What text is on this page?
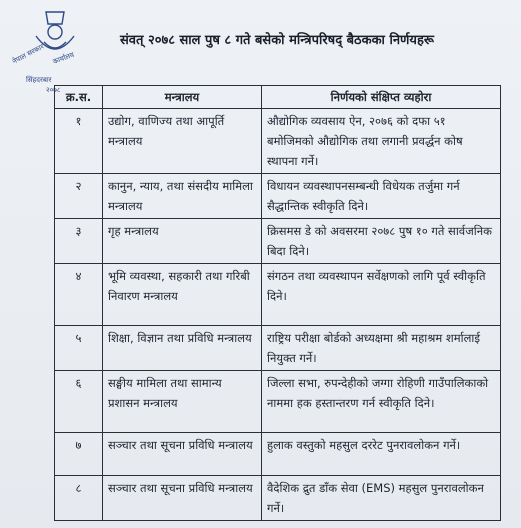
नेपाल सरकार कार्यालय
सिंहदरबार
२०७८
संवत् २०७८ साल पुष ८ गते बसेको मन्त्रिपरिषद् बैठकका निर्णयहरू
क्र.स.	मन्त्रालय	निर्णयको संक्षिप्त व्यहोरा
१	उद्योग, वाणिज्य तथा आपूर्ति मन्त्रालय	औद्योगिक व्यवसाय ऐन, २०७६ को दफा ५१ बमोजिमको औद्योगिक तथा लगानी प्रवर्द्धन कोष स्थापना गर्ने।
२	कानुन, न्याय, तथा संसदीय मामिला मन्त्रालय	विधायन व्यवस्थापनसम्बन्धी विधेयक तर्जुमा गर्न सैद्धान्तिक स्वीकृति दिने।
३	गृह मन्त्रालय	क्रिसमस डे को अवसरमा २०७८ पुष १० गते सार्वजनिक बिदा दिने।
४	भूमि व्यवस्था, सहकारी तथा गरिबी निवारण मन्त्रालय	संगठन तथा व्यवस्थापन सर्वेक्षणको लागि पूर्व स्वीकृति दिने।
५	शिक्षा, विज्ञान तथा प्रविधि मन्त्रालय	राष्ट्रिय परीक्षा बोर्डको अध्यक्षमा श्री महाश्रम शर्मालाई नियुक्त गर्ने।
६	सङ्घीय मामिला तथा सामान्य प्रशासन मन्त्रालय	जिल्ला सभा, रुपन्देहीको जग्गा रोहिणी गाउँपालिकाको नाममा हक हस्तान्तरण गर्न स्वीकृति दिने।
७	सञ्चार तथा सूचना प्रविधि मन्त्रालय	हुलाक वस्तुको महसुल दररेट पुनरावलोकन गर्ने।
८	सञ्चार तथा सूचना प्रविधि मन्त्रालय	वैदेशिक द्रुत डाँक सेवा (EMS) महसुल पुनरावलोकन गर्ने।
